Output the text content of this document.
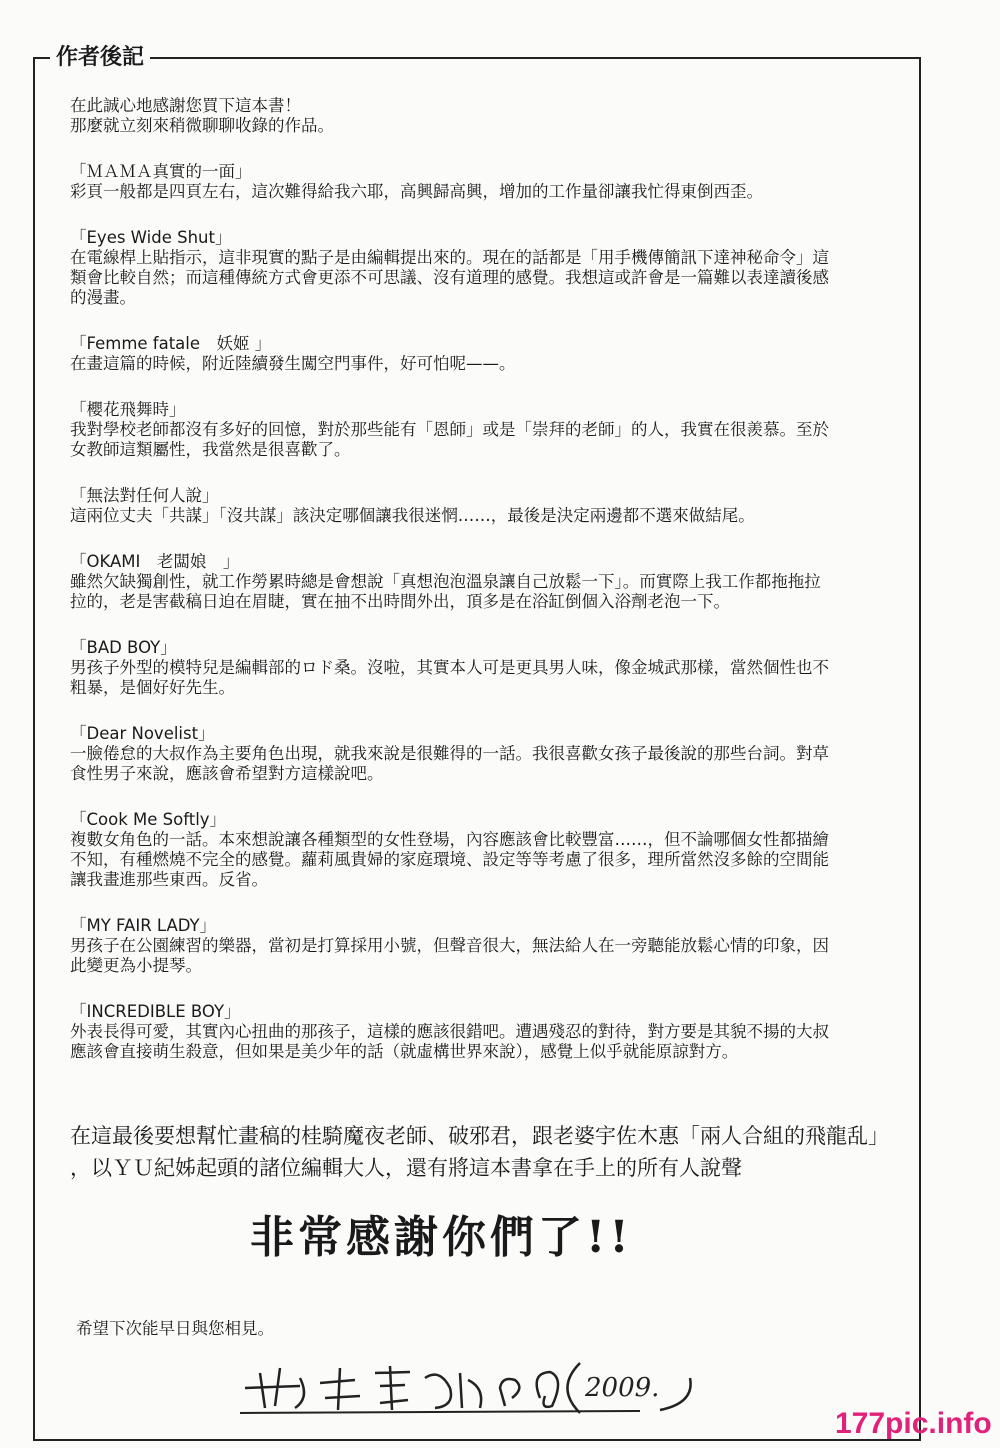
作者後記

在此誠心地感謝您買下這本書！

那麼就立刻來稍微聊聊收錄的作品。

「ＭＡＭＡ真實的一面」

彩頁一般都是四頁左右，這次難得給我六耶，高興歸高興，增加的工作量卻讓我忙得東倒西歪。

「Eyes Wide Shut」

在電線桿上貼指示，這非現實的點子是由編輯提出來的。現在的話都是「用手機傳簡訊下達神秘命令」這

類會比較自然；而這種傳統方式會更添不可思議、沒有道理的感覺。我想這或許會是一篇難以表達讀後感

的漫畫。

「Femme fatale　妖姬 」

在畫這篇的時候，附近陸續發生闖空門事件，好可怕呢——。

「櫻花飛舞時」

我對學校老師都沒有多好的回憶，對於那些能有「恩師」或是「崇拜的老師」的人，我實在很羨慕。至於

女教師這類屬性，我當然是很喜歡了。

「無法對任何人說」

這兩位丈夫「共謀」「沒共謀」該決定哪個讓我很迷惘……，最後是決定兩邊都不選來做結尾。

「OKAMI　老闆娘　」

雖然欠缺獨創性，就工作勞累時總是會想說「真想泡泡溫泉讓自己放鬆一下」。而實際上我工作都拖拖拉

拉的，老是害截稿日迫在眉睫，實在抽不出時間外出，頂多是在浴缸倒個入浴劑老泡一下。

「BAD BOY」

男孩子外型的模特兒是編輯部的ロド桑。沒啦，其實本人可是更具男人味，像金城武那樣，當然個性也不

粗暴，是個好好先生。

「Dear Novelist」

一臉倦怠的大叔作為主要角色出現，就我來說是很難得的一話。我很喜歡女孩子最後說的那些台詞。對草

食性男子來說，應該會希望對方這樣說吧。

「Cook Me Softly」

複數女角色的一話。本來想說讓各種類型的女性登場，內容應該會比較豐富……，但不論哪個女性都描繪

不知，有種燃燒不完全的感覺。蘿莉風貴婦的家庭環境、設定等等考慮了很多，理所當然沒多餘的空間能

讓我畫進那些東西。反省。

「MY FAIR LADY」

男孩子在公園練習的樂器，當初是打算採用小號，但聲音很大，無法給人在一旁聽能放鬆心情的印象，因

此變更為小提琴。

「INCREDIBLE BOY」

外表長得可愛，其實內心扭曲的那孩子，這樣的應該很錯吧。遭遇殘忍的對待，對方要是其貌不揚的大叔

應該會直接萌生殺意，但如果是美少年的話（就虛構世界來說），感覺上似乎就能原諒對方。

在這最後要想幫忙畫稿的桂騎魔夜老師、破邪君，跟老婆宇佐木惠「兩人合組的飛龍乱」

，以ＹＵ紀姊起頭的諸位編輯大人，還有將這本書拿在手上的所有人說聲

非常感謝你們了!!
希望下次能早日與您相見。
2009.
177pic.info
